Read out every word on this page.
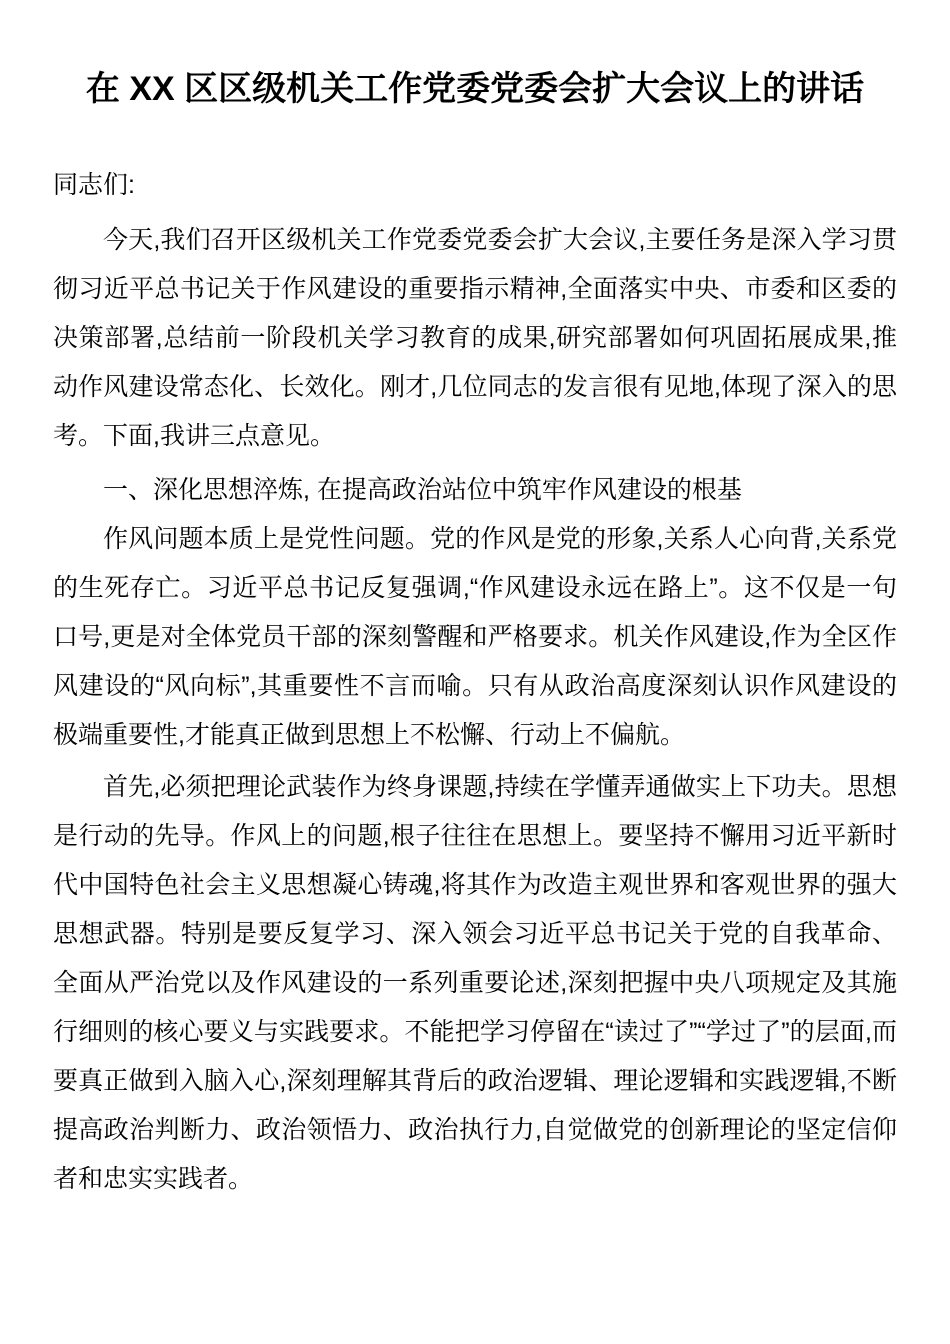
在 XX 区区级机关工作党委党委会扩大会议上的讲话

同志们:

今天,我们召开区级机关工作党委党委会扩大会议,主要任务是深入学习贯彻习近平总书记关于作风建设的重要指示精神,全面落实中央、市委和区委的决策部署,总结前一阶段机关学习教育的成果,研究部署如何巩固拓展成果,推动作风建设常态化、长效化。刚才,几位同志的发言很有见地,体现了深入的思考。下面,我讲三点意见。

一、深化思想淬炼, 在提高政治站位中筑牢作风建设的根基

作风问题本质上是党性问题。党的作风是党的形象,关系人心向背,关系党的生死存亡。习近平总书记反复强调,“作风建设永远在路上”。这不仅是一句口号,更是对全体党员干部的深刻警醒和严格要求。机关作风建设,作为全区作风建设的“风向标”,其重要性不言而喻。只有从政治高度深刻认识作风建设的极端重要性,才能真正做到思想上不松懈、行动上不偏航。

首先,必须把理论武装作为终身课题,持续在学懂弄通做实上下功夫。思想是行动的先导。作风上的问题,根子往往在思想上。要坚持不懈用习近平新时代中国特色社会主义思想凝心铸魂,将其作为改造主观世界和客观世界的强大思想武器。特别是要反复学习、深入领会习近平总书记关于党的自我革命、全面从严治党以及作风建设的一系列重要论述,深刻把握中央八项规定及其施行细则的核心要义与实践要求。不能把学习停留在“读过了”“学过了”的层面,而要真正做到入脑入心,深刻理解其背后的政治逻辑、理论逻辑和实践逻辑,不断提高政治判断力、政治领悟力、政治执行力,自觉做党的创新理论的坚定信仰者和忠实实践者。
